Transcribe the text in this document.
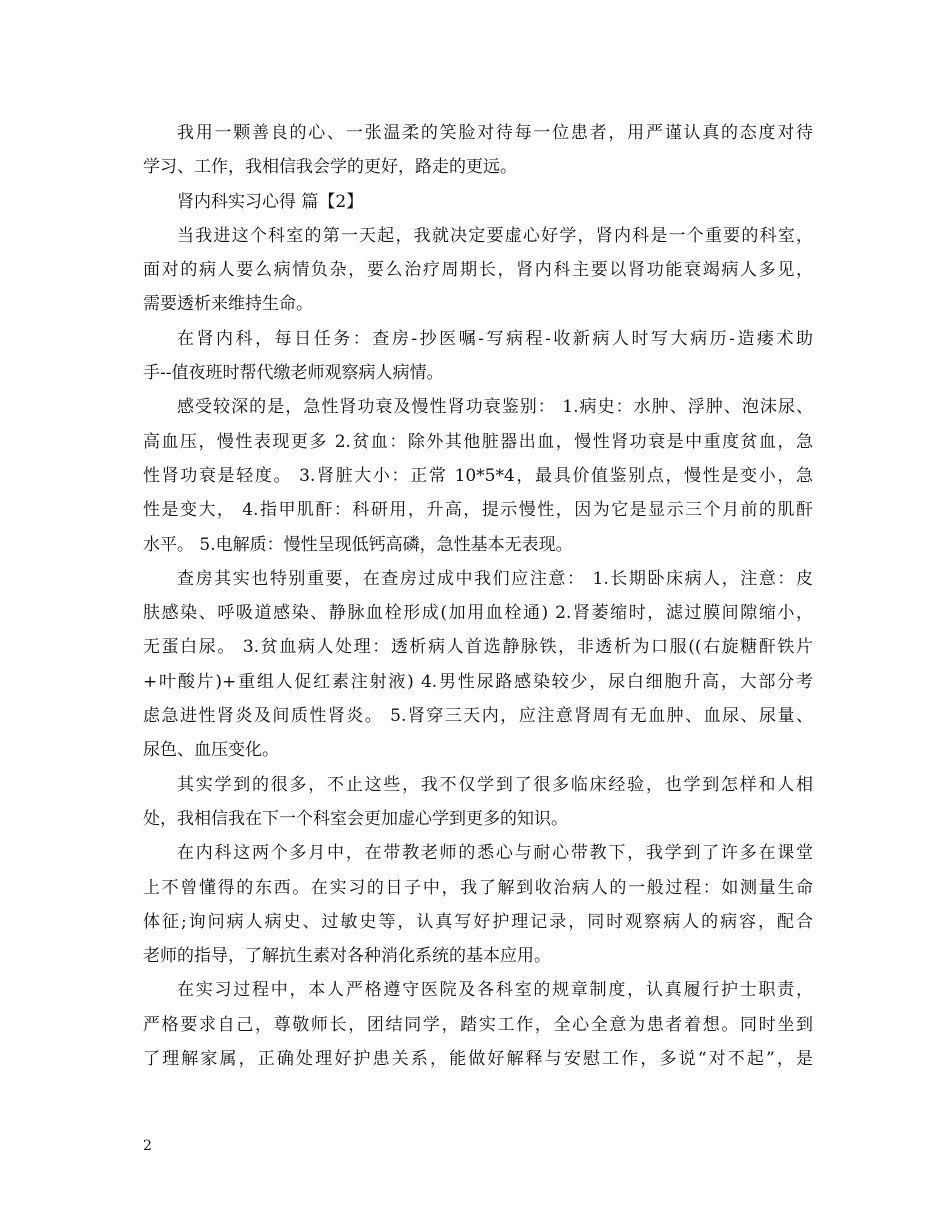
我用一颗善良的心、一张温柔的笑脸对待每一位患者，用严谨认真的态度对待
学习、工作，我相信我会学的更好，路走的更远。
肾内科实习心得 篇【2】
当我进这个科室的第一天起，我就决定要虚心好学，肾内科是一个重要的科室，
面对的病人要么病情负杂，要么治疗周期长，肾内科主要以肾功能衰竭病人多见，
需要透析来维持生命。
在肾内科，每日任务：查房-抄医嘱-写病程-收新病人时写大病历-造瘘术助
手--值夜班时帮代缴老师观察病人病情。
感受较深的是，急性肾功衰及慢性肾功衰鉴别： 1.病史：水肿、浮肿、泡沫尿、
高血压，慢性表现更多 2.贫血：除外其他脏器出血，慢性肾功衰是中重度贫血，急
性肾功衰是轻度。 3.肾脏大小：正常 10*5*4，最具价值鉴别点，慢性是变小，急
性是变大， 4.指甲肌酐：科研用，升高，提示慢性，因为它是显示三个月前的肌酐
水平。 5.电解质：慢性呈现低钙高磷，急性基本无表现。
查房其实也特别重要，在查房过成中我们应注意： 1.长期卧床病人，注意：皮
肤感染、呼吸道感染、静脉血栓形成(加用血栓通) 2.肾萎缩时，滤过膜间隙缩小，
无蛋白尿。 3.贫血病人处理：透析病人首选静脉铁，非透析为口服((右旋糖酐铁片
+叶酸片)+重组人促红素注射液) 4.男性尿路感染较少，尿白细胞升高，大部分考
虑急进性肾炎及间质性肾炎。 5.肾穿三天内，应注意肾周有无血肿、血尿、尿量、
尿色、血压变化。
其实学到的很多，不止这些，我不仅学到了很多临床经验，也学到怎样和人相
处，我相信我在下一个科室会更加虚心学到更多的知识。
在内科这两个多月中，在带教老师的悉心与耐心带教下，我学到了许多在课堂
上不曾懂得的东西。在实习的日子中，我了解到收治病人的一般过程：如测量生命
体征;询问病人病史、过敏史等，认真写好护理记录，同时观察病人的病容，配合
老师的指导，了解抗生素对各种消化系统的基本应用。
在实习过程中，本人严格遵守医院及各科室的规章制度，认真履行护士职责，
严格要求自己，尊敬师长，团结同学，踏实工作，全心全意为患者着想。同时坐到
了理解家属，正确处理好护患关系，能做好解释与安慰工作，多说“对不起”，是
2
